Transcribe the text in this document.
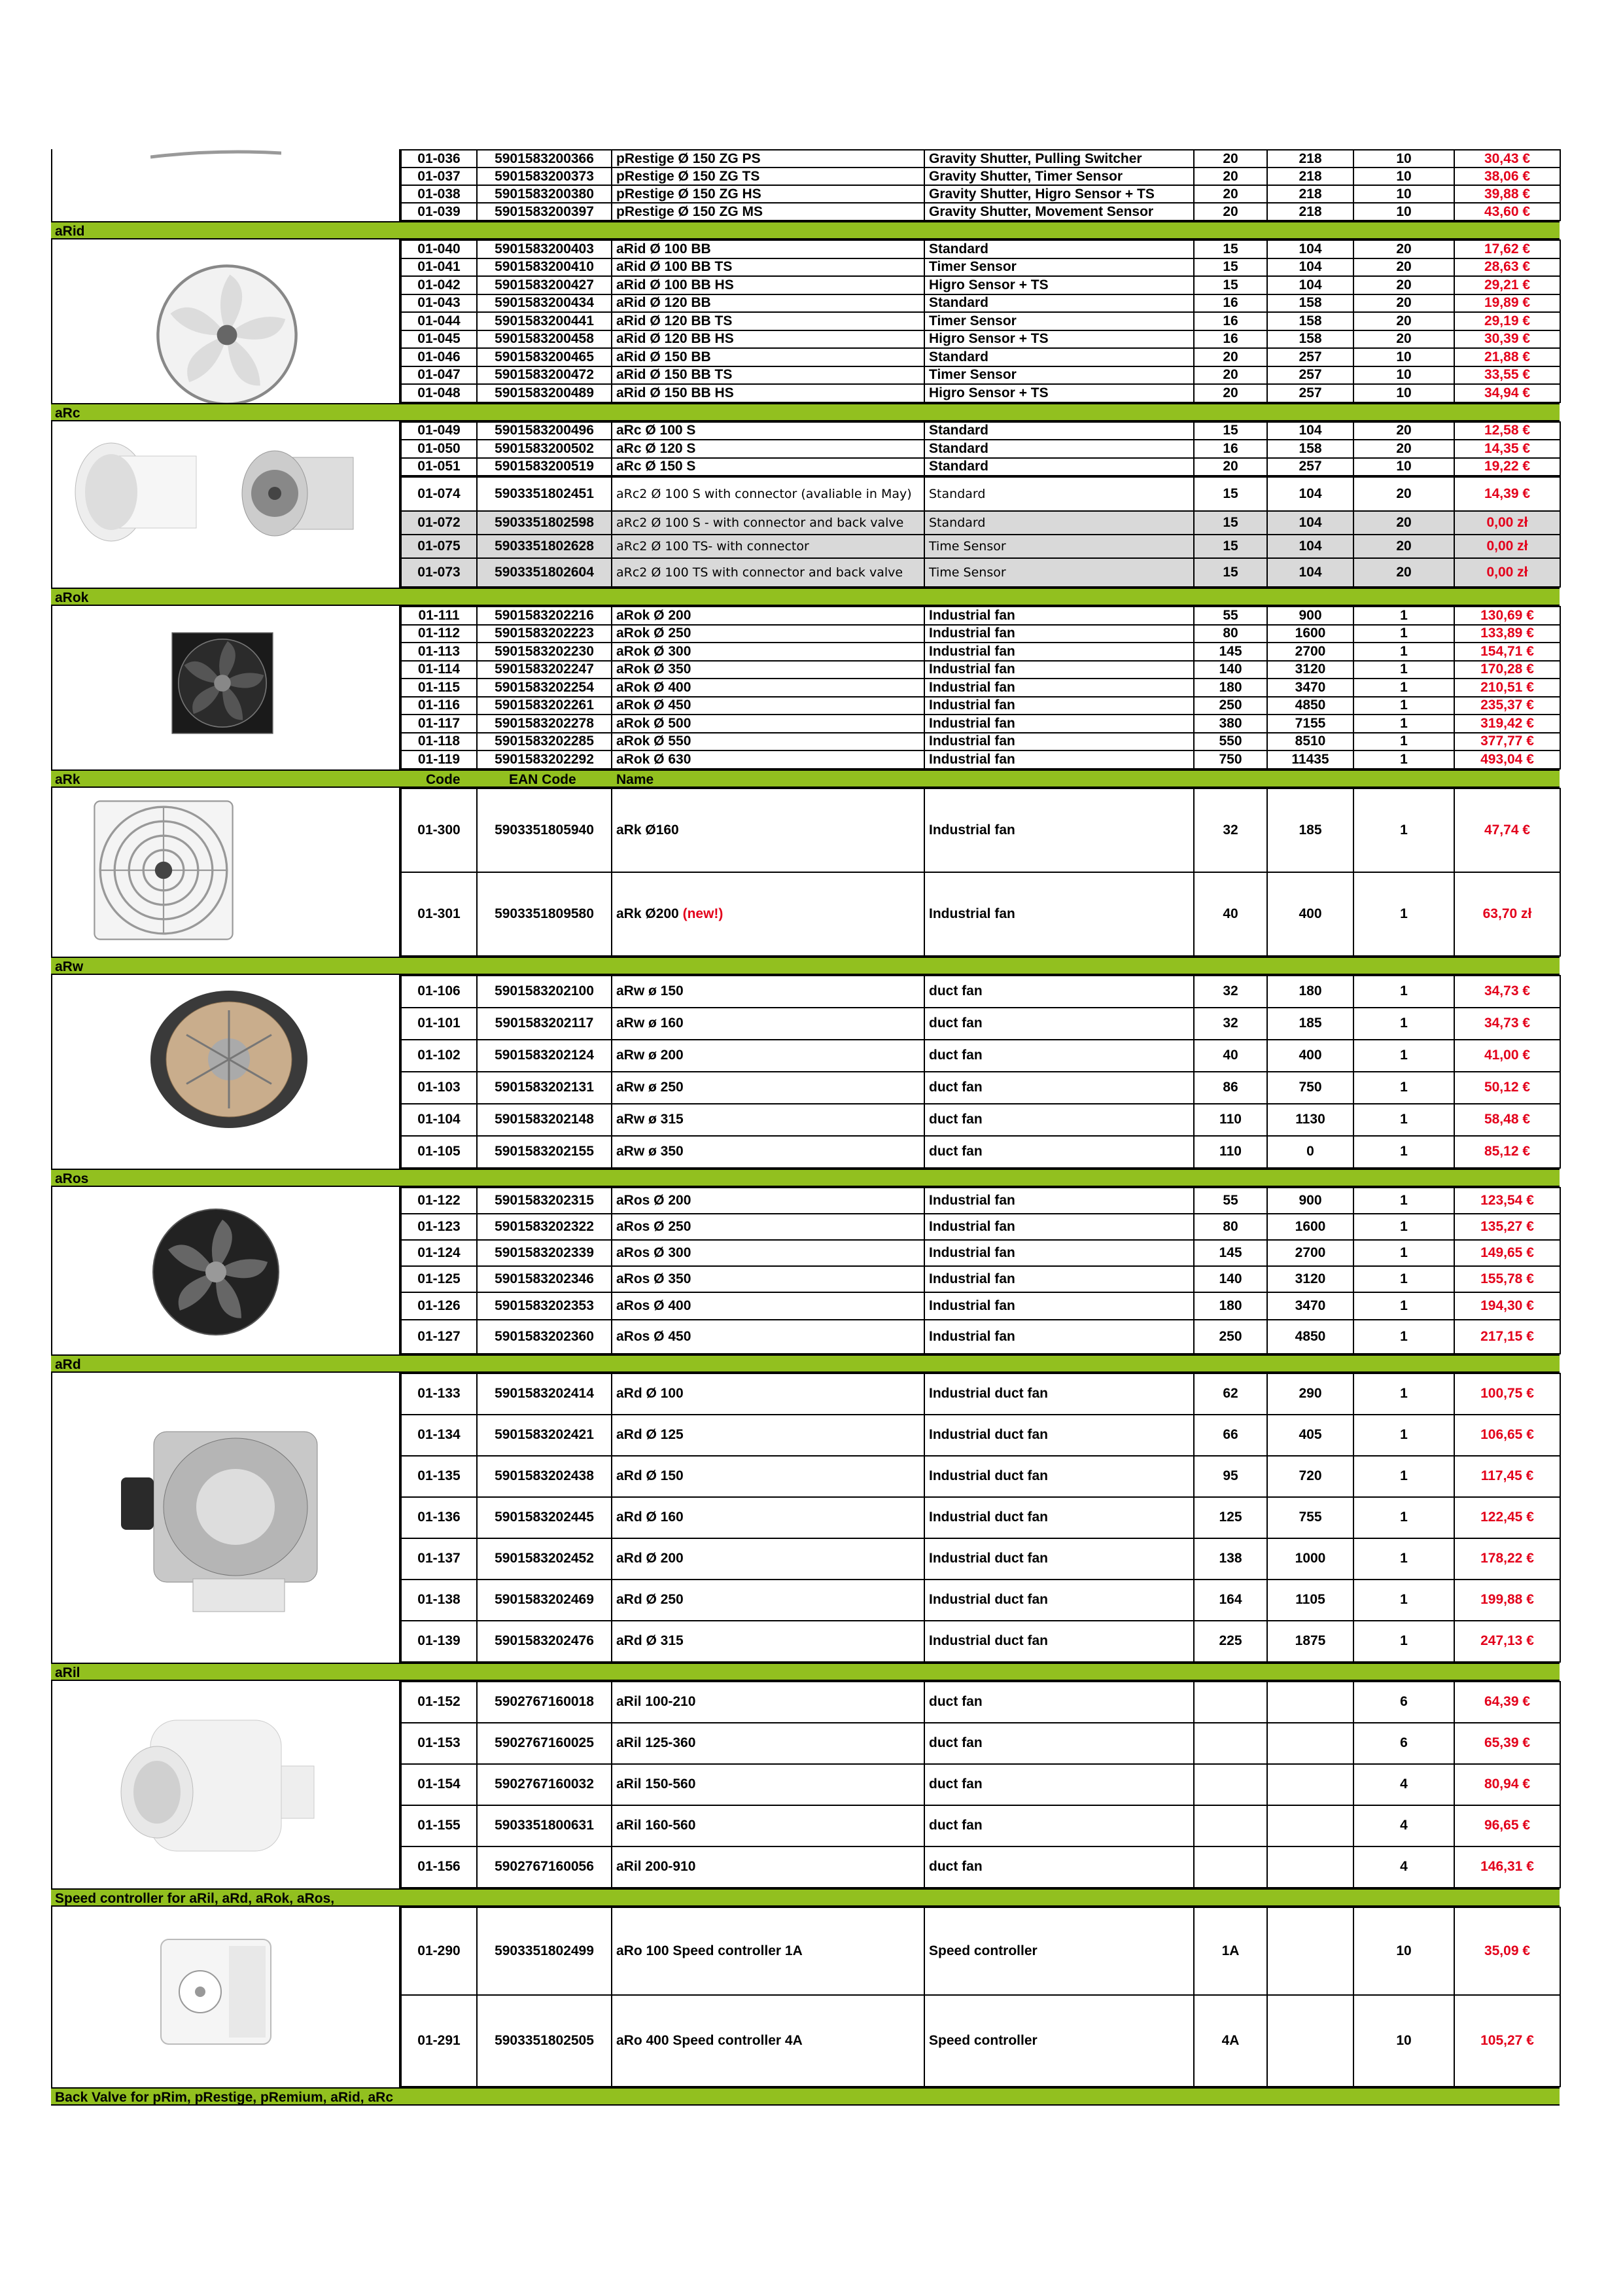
01-036	5901583200366	pRestige Ø 150 ZG PS	Gravity Shutter, Pulling Switcher	20	218	10	30,43 €
01-037	5901583200373	pRestige Ø 150 ZG TS	Gravity Shutter, Timer Sensor	20	218	10	38,06 €
01-038	5901583200380	pRestige Ø 150 ZG HS	Gravity Shutter, Higro Sensor + TS	20	218	10	39,88 €
01-039	5901583200397	pRestige Ø 150 ZG MS	Gravity Shutter, Movement Sensor	20	218	10	43,60 €
aRid
01-040	5901583200403	aRid Ø 100 BB	Standard	15	104	20	17,62 €
01-041	5901583200410	aRid Ø 100 BB TS	Timer Sensor	15	104	20	28,63 €
01-042	5901583200427	aRid Ø 100 BB HS	Higro Sensor + TS	15	104	20	29,21 €
01-043	5901583200434	aRid Ø 120 BB	Standard	16	158	20	19,89 €
01-044	5901583200441	aRid Ø 120 BB TS	Timer Sensor	16	158	20	29,19 €
01-045	5901583200458	aRid Ø 120 BB HS	Higro Sensor + TS	16	158	20	30,39 €
01-046	5901583200465	aRid Ø 150 BB	Standard	20	257	10	21,88 €
01-047	5901583200472	aRid Ø 150 BB TS	Timer Sensor	20	257	10	33,55 €
01-048	5901583200489	aRid Ø 150 BB HS	Higro Sensor + TS	20	257	10	34,94 €
aRc
01-049	5901583200496	aRc Ø 100 S	Standard	15	104	20	12,58 €
01-050	5901583200502	aRc Ø 120 S	Standard	16	158	20	14,35 €
01-051	5901583200519	aRc Ø 150 S	Standard	20	257	10	19,22 €
01-074	5903351802451	aRc2 Ø 100 S with connector (avaliable in May)	Standard	15	104	20	14,39 €
01-072	5903351802598	aRc2 Ø 100 S - with connector and back valve	Standard	15	104	20	0,00 zł
01-075	5903351802628	aRc2 Ø 100 TS- with connector	Time Sensor	15	104	20	0,00 zł
01-073	5903351802604	aRc2 Ø 100 TS with connector and back valve	Time Sensor	15	104	20	0,00 zł
aRok
01-111	5901583202216	aRok Ø 200	Industrial fan	55	900	1	130,69 €
01-112	5901583202223	aRok Ø 250	Industrial fan	80	1600	1	133,89 €
01-113	5901583202230	aRok Ø 300	Industrial fan	145	2700	1	154,71 €
01-114	5901583202247	aRok Ø 350	Industrial fan	140	3120	1	170,28 €
01-115	5901583202254	aRok Ø 400	Industrial fan	180	3470	1	210,51 €
01-116	5901583202261	aRok Ø 450	Industrial fan	250	4850	1	235,37 €
01-117	5901583202278	aRok Ø 500	Industrial fan	380	7155	1	319,42 €
01-118	5901583202285	aRok Ø 550	Industrial fan	550	8510	1	377,77 €
01-119	5901583202292	aRok Ø 630	Industrial fan	750	11435	1	493,04 €
aRk	Code	EAN Code	Name
01-300	5903351805940	aRk Ø160	Industrial fan	32	185	1	47,74 €
01-301	5903351809580	aRk Ø200 (new!)	Industrial fan	40	400	1	63,70 zł
aRw
01-106	5901583202100	aRw ø 150	duct fan	32	180	1	34,73 €
01-101	5901583202117	aRw ø 160	duct fan	32	185	1	34,73 €
01-102	5901583202124	aRw ø 200	duct fan	40	400	1	41,00 €
01-103	5901583202131	aRw ø 250	duct fan	86	750	1	50,12 €
01-104	5901583202148	aRw ø 315	duct fan	110	1130	1	58,48 €
01-105	5901583202155	aRw ø 350	duct fan	110	0	1	85,12 €
aRos
01-122	5901583202315	aRos Ø 200	Industrial fan	55	900	1	123,54 €
01-123	5901583202322	aRos Ø 250	Industrial fan	80	1600	1	135,27 €
01-124	5901583202339	aRos Ø 300	Industrial fan	145	2700	1	149,65 €
01-125	5901583202346	aRos Ø 350	Industrial fan	140	3120	1	155,78 €
01-126	5901583202353	aRos Ø 400	Industrial fan	180	3470	1	194,30 €
01-127	5901583202360	aRos Ø 450	Industrial fan	250	4850	1	217,15 €
aRd
01-133	5901583202414	aRd Ø 100	Industrial duct fan	62	290	1	100,75 €
01-134	5901583202421	aRd Ø 125	Industrial duct fan	66	405	1	106,65 €
01-135	5901583202438	aRd Ø 150	Industrial duct fan	95	720	1	117,45 €
01-136	5901583202445	aRd Ø 160	Industrial duct fan	125	755	1	122,45 €
01-137	5901583202452	aRd Ø 200	Industrial duct fan	138	1000	1	178,22 €
01-138	5901583202469	aRd Ø 250	Industrial duct fan	164	1105	1	199,88 €
01-139	5901583202476	aRd Ø 315	Industrial duct fan	225	1875	1	247,13 €
aRil
01-152	5902767160018	aRil 100-210	duct fan			6	64,39 €
01-153	5902767160025	aRil 125-360	duct fan			6	65,39 €
01-154	5902767160032	aRil 150-560	duct fan			4	80,94 €
01-155	5903351800631	aRil 160-560	duct fan			4	96,65 €
01-156	5902767160056	aRil 200-910	duct fan			4	146,31 €
Speed controller for aRil, aRd, aRok, aRos,
01-290	5903351802499	aRo 100 Speed controller 1A	Speed controller	1A		10	35,09 €
01-291	5903351802505	aRo 400 Speed controller 4A	Speed controller	4A		10	105,27 €
Back Valve for pRim, pRestige, pRemium, aRid, aRc
